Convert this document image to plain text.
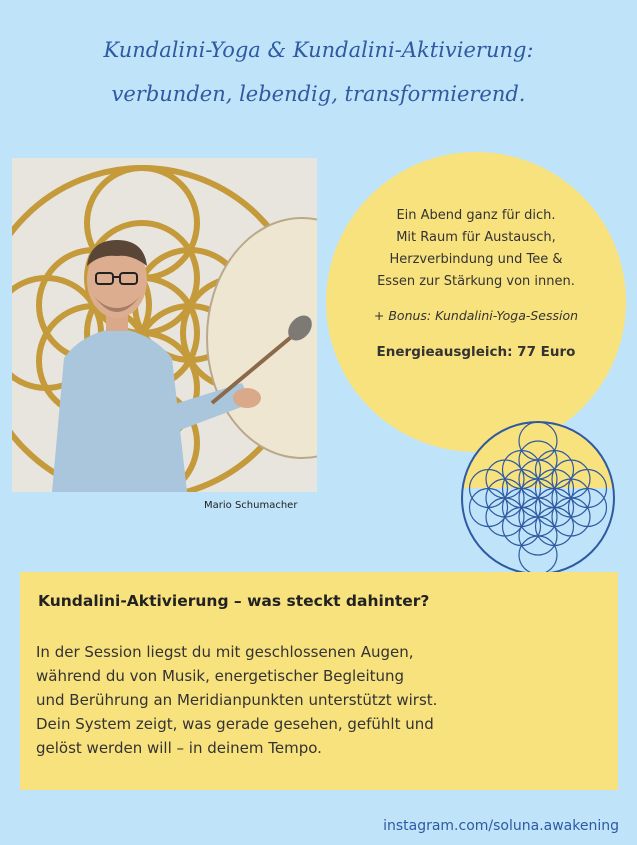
Kundalini-Yoga & Kundalini-Aktivierung:
verbunden, lebendig, transformierend.
Mario Schumacher
Ein Abend ganz für dich.
Mit Raum für Austausch,
Herzverbindung und Tee &
Essen zur Stärkung von innen.
+ Bonus: Kundalini-Yoga-Session
Energieausgleich: 77 Euro
Kundalini-Aktivierung – was steckt dahinter?
In der Session liegst du mit geschlossenen Augen,
während du von Musik, energetischer Begleitung
und Berührung an Meridianpunkten unterstützt wirst.
Dein System zeigt, was gerade gesehen, gefühlt und
gelöst werden will – in deinem Tempo.
instagram.com/soluna.awakening
